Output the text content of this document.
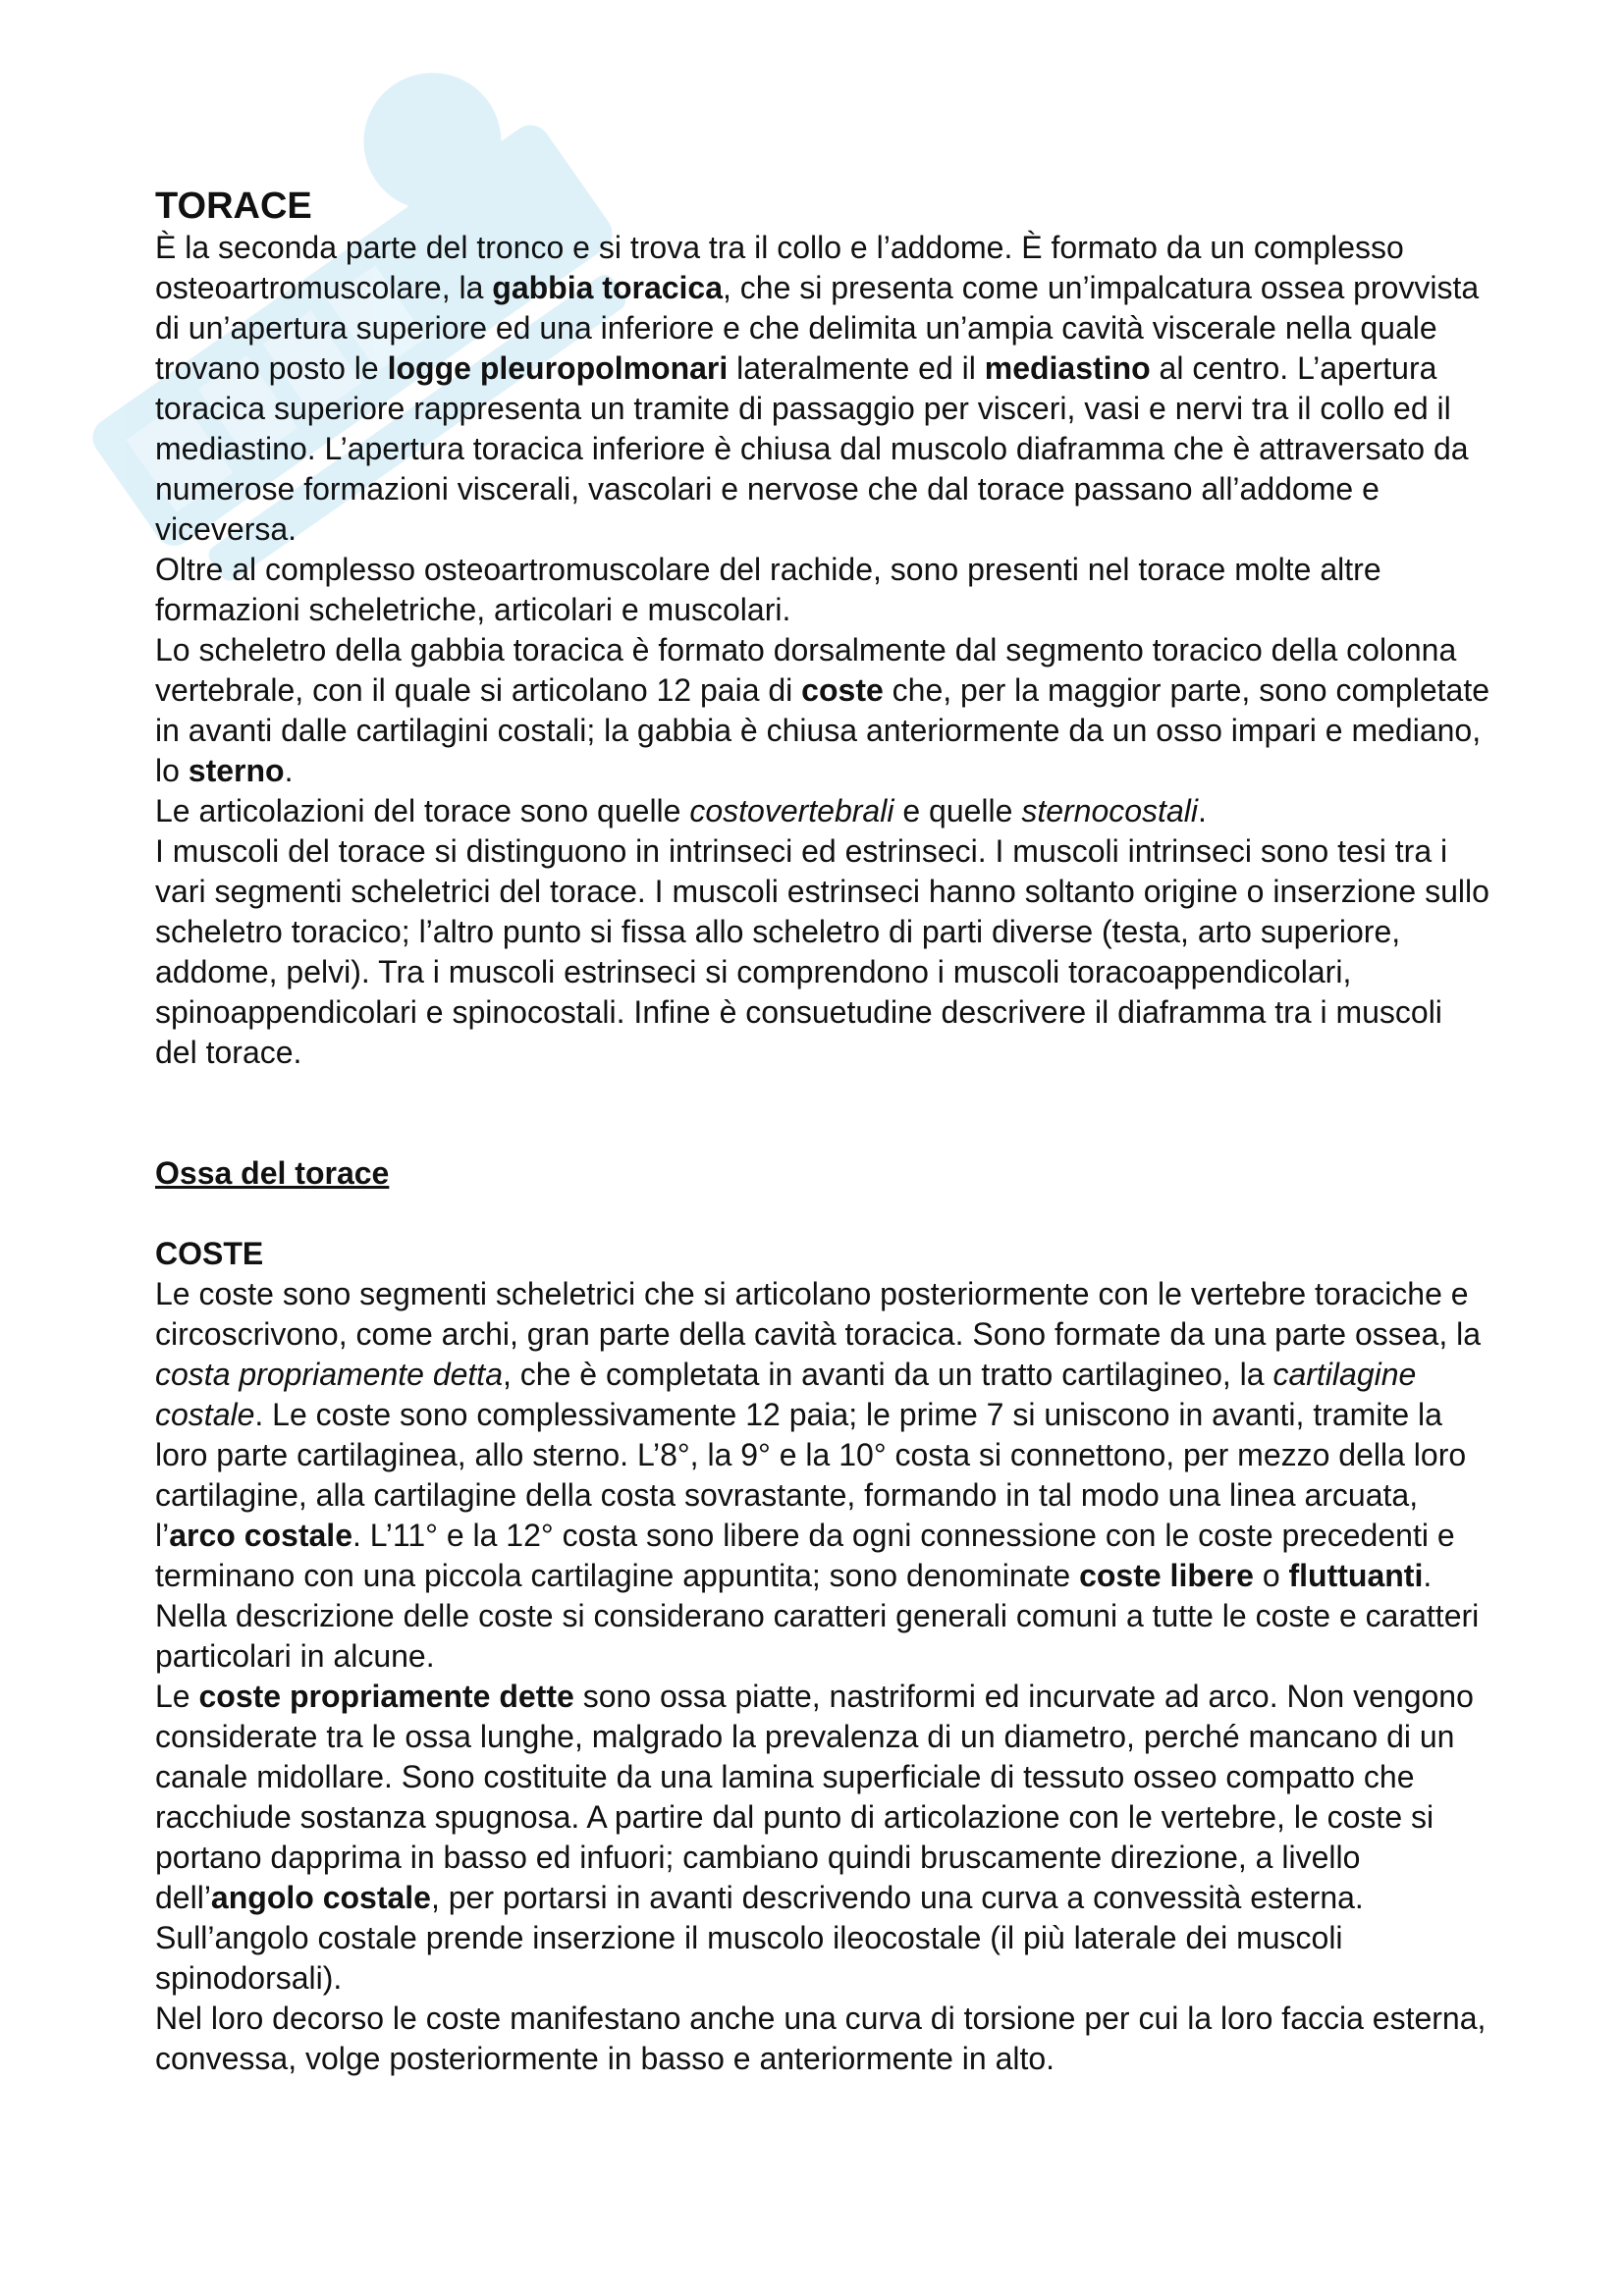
TORACE

È la seconda parte del tronco e si trova tra il collo e l’addome. È formato da un complesso osteoartromuscolare, la gabbia toracica, che si presenta come un’impalcatura ossea provvista di un’apertura superiore ed una inferiore e che delimita un’ampia cavità viscerale nella quale trovano posto le logge pleuropolmonari lateralmente ed il mediastino al centro. L’apertura toracica superiore rappresenta un tramite di passaggio per visceri, vasi e nervi tra il collo ed il mediastino. L’apertura toracica inferiore è chiusa dal muscolo diaframma che è attraversato da numerose formazioni viscerali, vascolari e nervose che dal torace passano all’addome e viceversa.

Oltre al complesso osteoartromuscolare del rachide, sono presenti nel torace molte altre formazioni scheletriche, articolari e muscolari.

Lo scheletro della gabbia toracica è formato dorsalmente dal segmento toracico della colonna vertebrale, con il quale si articolano 12 paia di coste che, per la maggior parte, sono completate in avanti dalle cartilagini costali; la gabbia è chiusa anteriormente da un osso impari e mediano, lo sterno.

Le articolazioni del torace sono quelle costovertebrali e quelle sternocostali.

I muscoli del torace si distinguono in intrinseci ed estrinseci. I muscoli intrinseci sono tesi tra i vari segmenti scheletrici del torace. I muscoli estrinseci hanno soltanto origine o inserzione sullo scheletro toracico; l’altro punto si fissa allo scheletro di parti diverse (testa, arto superiore, addome, pelvi). Tra i muscoli estrinseci si comprendono i muscoli toracoappendicolari, spinoappendicolari e spinocostali. Infine è consuetudine descrivere il diaframma tra i muscoli del torace.

Ossa del torace
COSTE

Le coste sono segmenti scheletrici che si articolano posteriormente con le vertebre toraciche e circoscrivono, come archi, gran parte della cavità toracica. Sono formate da una parte ossea, la costa propriamente detta, che è completata in avanti da un tratto cartilagineo, la cartilagine costale. Le coste sono complessivamente 12 paia; le prime 7 si uniscono in avanti, tramite la loro parte cartilaginea, allo sterno. L’8°, la 9° e la 10° costa si connettono, per mezzo della loro cartilagine, alla cartilagine della costa sovrastante, formando in tal modo una linea arcuata, l’arco costale. L’11° e la 12° costa sono libere da ogni connessione con le coste precedenti e terminano con una piccola cartilagine appuntita; sono denominate coste libere o fluttuanti.

Nella descrizione delle coste si considerano caratteri generali comuni a tutte le coste e caratteri particolari in alcune.

Le coste propriamente dette sono ossa piatte, nastriformi ed incurvate ad arco. Non vengono considerate tra le ossa lunghe, malgrado la prevalenza di un diametro, perché mancano di un canale midollare. Sono costituite da una lamina superficiale di tessuto osseo compatto che racchiude sostanza spugnosa. A partire dal punto di articolazione con le vertebre, le coste si portano dapprima in basso ed infuori; cambiano quindi bruscamente direzione, a livello dell’angolo costale, per portarsi in avanti descrivendo una curva a convessità esterna. Sull’angolo costale prende inserzione il muscolo ileocostale (il più laterale dei muscoli spinodorsali).

Nel loro decorso le coste manifestano anche una curva di torsione per cui la loro faccia esterna, convessa, volge posteriormente in basso e anteriormente in alto.
